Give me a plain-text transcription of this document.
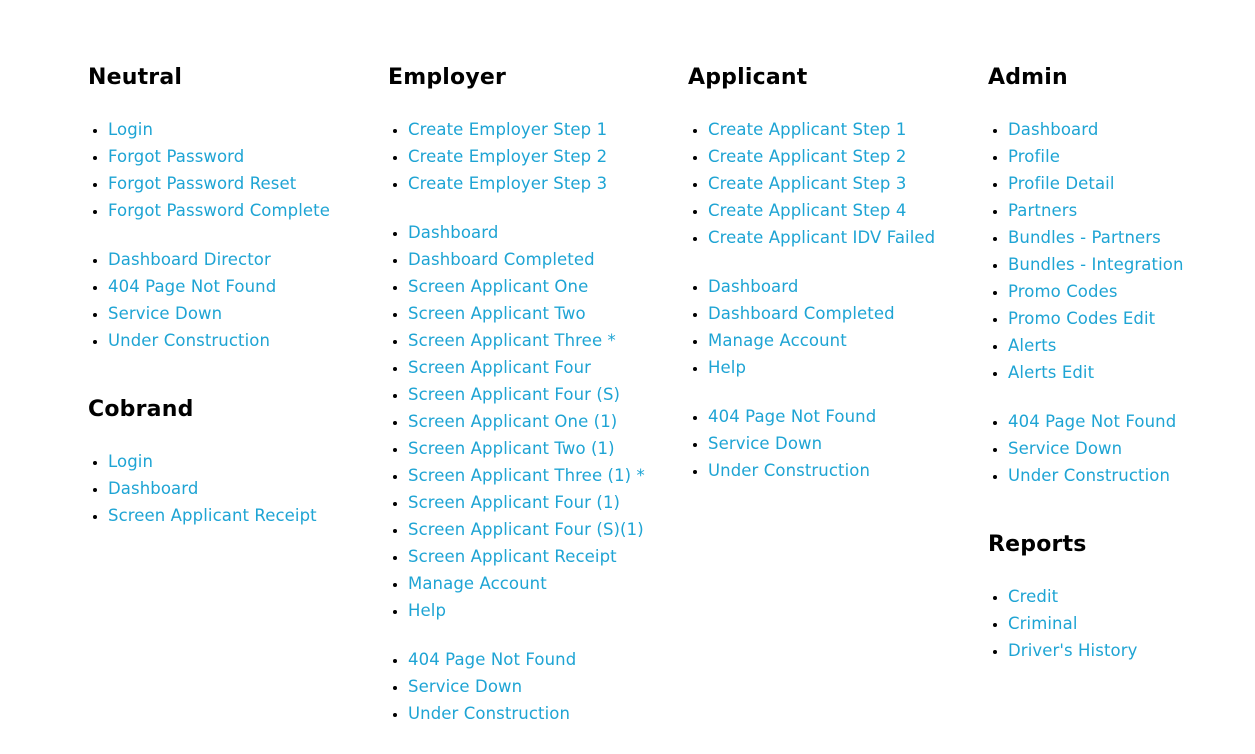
Neutral
• Login
• Forgot Password
• Forgot Password Reset
• Forgot Password Complete
• Dashboard Director
• 404 Page Not Found
• Service Down
• Under Construction
Cobrand
• Login
• Dashboard
• Screen Applicant Receipt
Employer
• Create Employer Step 1
• Create Employer Step 2
• Create Employer Step 3
• Dashboard
• Dashboard Completed
• Screen Applicant One
• Screen Applicant Two
• Screen Applicant Three *
• Screen Applicant Four
• Screen Applicant Four (S)
• Screen Applicant One (1)
• Screen Applicant Two (1)
• Screen Applicant Three (1) *
• Screen Applicant Four (1)
• Screen Applicant Four (S)(1)
• Screen Applicant Receipt
• Manage Account
• Help
• 404 Page Not Found
• Service Down
• Under Construction
Applicant
• Create Applicant Step 1
• Create Applicant Step 2
• Create Applicant Step 3
• Create Applicant Step 4
• Create Applicant IDV Failed
• Dashboard
• Dashboard Completed
• Manage Account
• Help
• 404 Page Not Found
• Service Down
• Under Construction
Admin
• Dashboard
• Profile
• Profile Detail
• Partners
• Bundles - Partners
• Bundles - Integration
• Promo Codes
• Promo Codes Edit
• Alerts
• Alerts Edit
• 404 Page Not Found
• Service Down
• Under Construction
Reports
• Credit
• Criminal
• Driver's History
